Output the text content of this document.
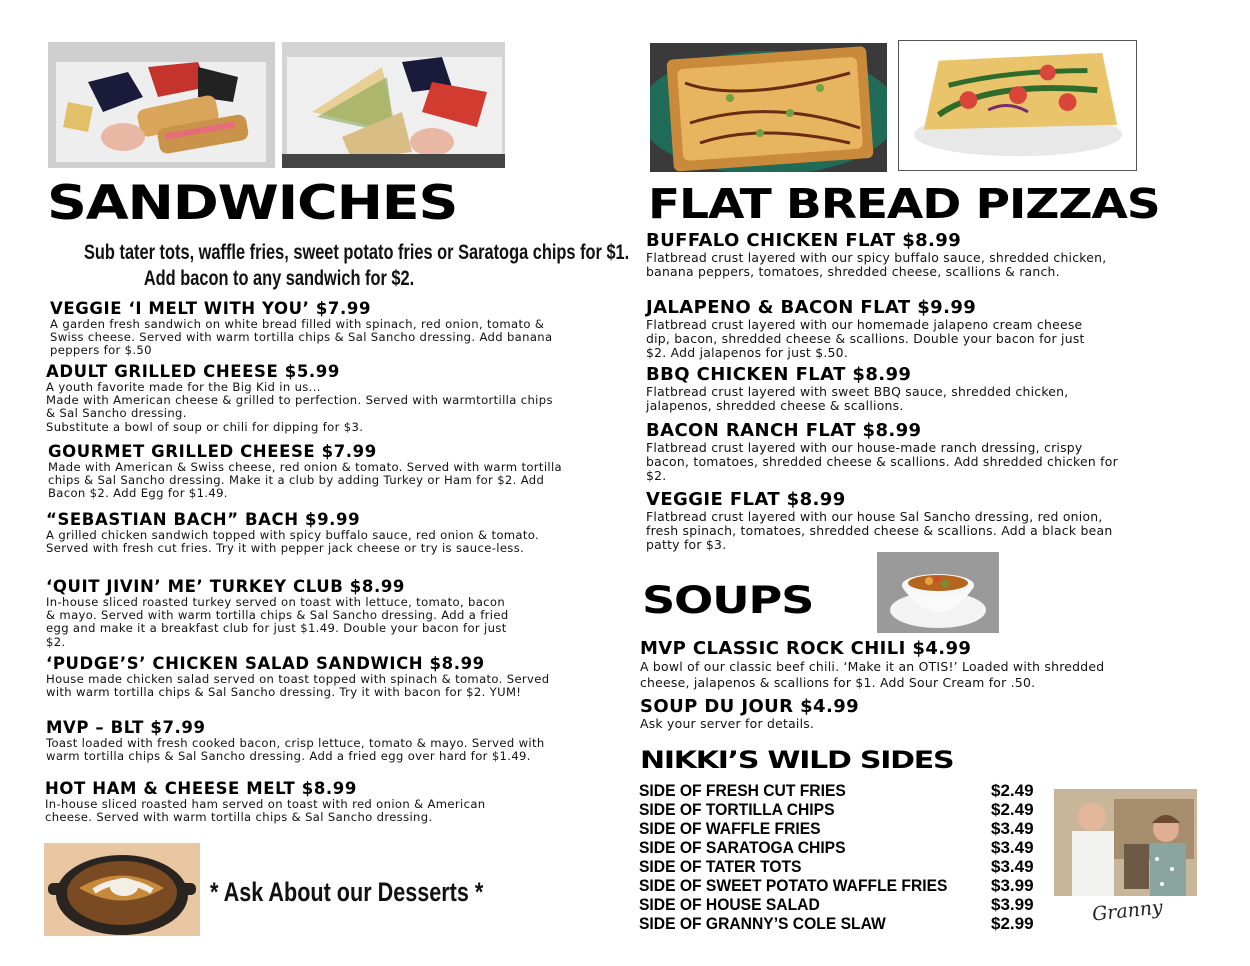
SANDWICHES
Sub tater tots, waffle fries, sweet potato fries or Saratoga chips for $1.
Add bacon to any sandwich for $2.
VEGGIE ‘I MELT WITH YOU’ $7.99
A garden fresh sandwich on white bread filled with spinach, red onion, tomato & Swiss cheese. Served with warm tortilla chips & Sal Sancho dressing. Add banana peppers for $.50
ADULT GRILLED CHEESE $5.99
A youth favorite made for the Big Kid in us...
Made with American cheese & grilled to perfection. Served with warmtortilla chips & Sal Sancho dressing.
Substitute a bowl of soup or chili for dipping for $3.
GOURMET GRILLED CHEESE $7.99
Made with American & Swiss cheese, red onion & tomato. Served with warm tortilla chips & Sal Sancho dressing. Make it a club by adding Turkey or Ham for $2. Add Bacon $2. Add Egg for $1.49.
“SEBASTIAN BACH” BACH $9.99
A grilled chicken sandwich topped with spicy buffalo sauce, red onion & tomato. Served with fresh cut fries. Try it with pepper jack cheese or try is sauce-less.
‘QUIT JIVIN’ ME’ TURKEY CLUB $8.99
In-house sliced roasted turkey served on toast with lettuce, tomato, bacon & mayo. Served with warm tortilla chips & Sal Sancho dressing. Add a fried egg and make it a breakfast club for just $1.49. Double your bacon for just $2.
‘PUDGE’S’ CHICKEN SALAD SANDWICH $8.99
House made chicken salad served on toast topped with spinach & tomato. Served with warm tortilla chips & Sal Sancho dressing. Try it with bacon for $2. YUM!
MVP – BLT $7.99
Toast loaded with fresh cooked bacon, crisp lettuce, tomato & mayo. Served with warm tortilla chips & Sal Sancho dressing. Add a fried egg over hard for $1.49.
HOT HAM & CHEESE MELT $8.99
In-house sliced roasted ham served on toast with red onion & American cheese. Served with warm tortilla chips & Sal Sancho dressing.
* Ask About our Desserts *
FLAT BREAD PIZZAS
BUFFALO CHICKEN FLAT $8.99
Flatbread crust layered with our spicy buffalo sauce, shredded chicken, banana peppers, tomatoes, shredded cheese, scallions & ranch.
JALAPENO & BACON FLAT $9.99
Flatbread crust layered with our homemade jalapeno cream cheese dip, bacon, shredded cheese & scallions. Double your bacon for just $2. Add jalapenos for just $.50.
BBQ CHICKEN FLAT $8.99
Flatbread crust layered with sweet BBQ sauce, shredded chicken, jalapenos, shredded cheese & scallions.
BACON RANCH FLAT $8.99
Flatbread crust layered with our house-made ranch dressing, crispy bacon, tomatoes, shredded cheese & scallions. Add shredded chicken for $2.
VEGGIE FLAT $8.99
Flatbread crust layered with our house Sal Sancho dressing, red onion, fresh spinach, tomatoes, shredded cheese & scallions. Add a black bean patty for $3.
SOUPS
MVP CLASSIC ROCK CHILI $4.99
A bowl of our classic beef chili. ‘Make it an OTIS!’ Loaded with shredded cheese, jalapenos & scallions for $1. Add Sour Cream for .50.
SOUP DU JOUR $4.99
Ask your server for details.
NIKKI’S WILD SIDES
SIDE OF FRESH CUT FRIES	$2.49
SIDE OF TORTILLA CHIPS	$2.49
SIDE OF WAFFLE FRIES	$3.49
SIDE OF SARATOGA CHIPS	$3.49
SIDE OF TATER TOTS	$3.49
SIDE OF SWEET POTATO WAFFLE FRIES	$3.99
SIDE OF HOUSE SALAD	$3.99
SIDE OF GRANNY’S COLE SLAW	$2.99	Granny
